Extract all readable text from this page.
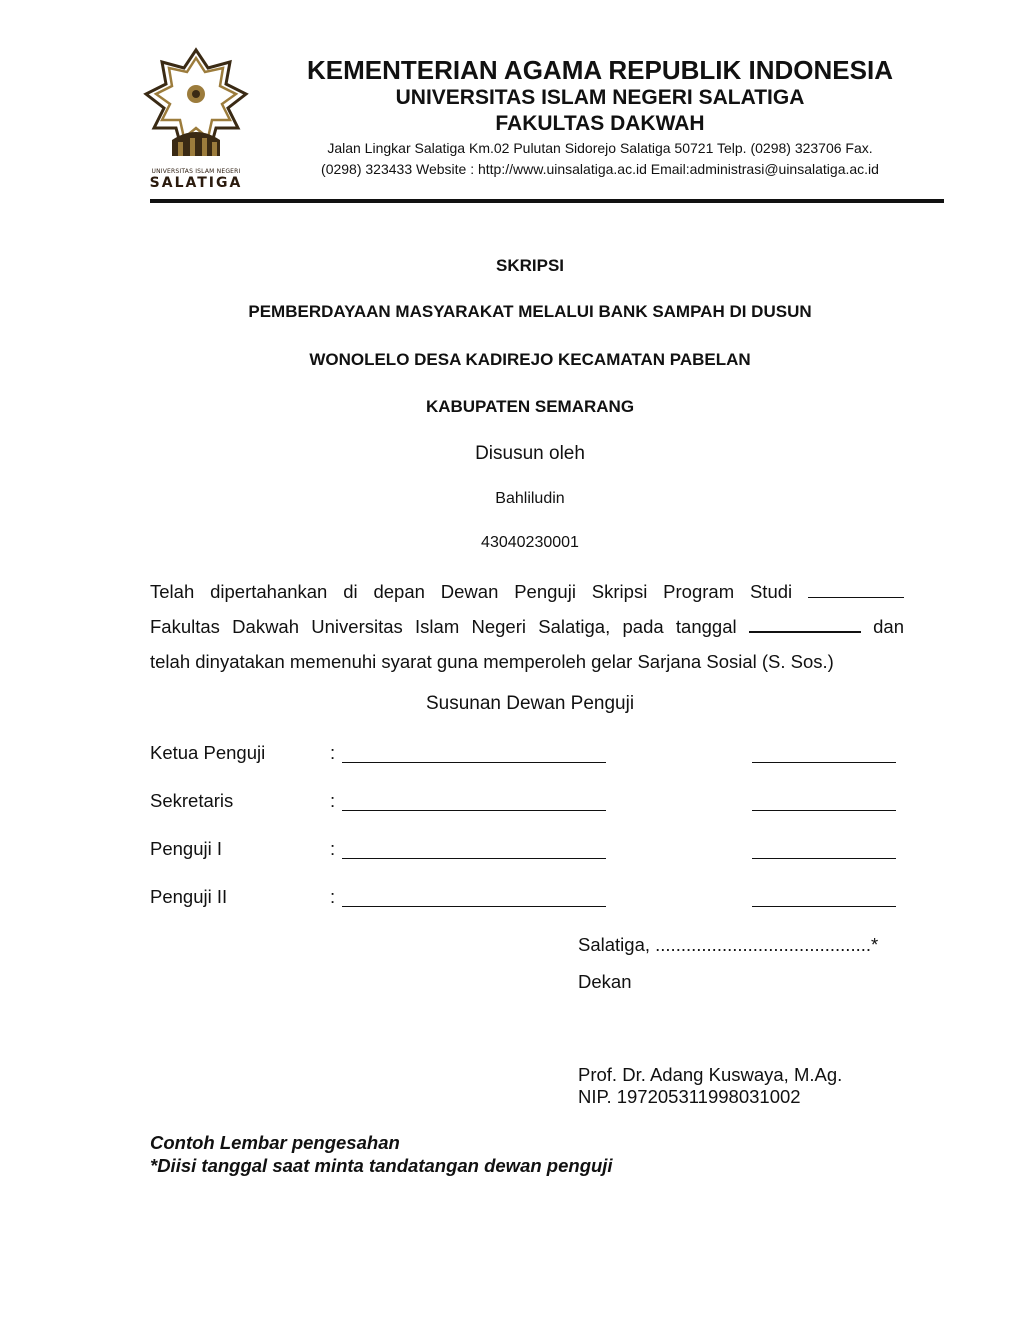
UNIVERSITAS ISLAM NEGERI
SALATIGA
KEMENTERIAN AGAMA REPUBLIK INDONESIA
UNIVERSITAS ISLAM NEGERI SALATIGA
FAKULTAS DAKWAH
Jalan Lingkar Salatiga Km.02 Pulutan Sidorejo Salatiga 50721 Telp. (0298) 323706 Fax.
(0298) 323433 Website : http://www.uinsalatiga.ac.id Email:administrasi@uinsalatiga.ac.id
SKRIPSI
PEMBERDAYAAN MASYARAKAT MELALUI BANK SAMPAH DI DUSUN
WONOLELO DESA KADIREJO KECAMATAN PABELAN
KABUPATEN SEMARANG
Disusun oleh
Bahliludin
43040230001
Telah dipertahankan di depan Dewan Penguji Skripsi Program Studi
Fakultas Dakwah Universitas Islam Negeri Salatiga, pada tanggal	dan
telah dinyatakan memenuhi syarat guna memperoleh gelar Sarjana Sosial (S. Sos.)
Susunan Dewan Penguji
Ketua Penguji	:
Sekretaris	:
Penguji I	:
Penguji II	:
Salatiga, ..........................................*
Dekan
Prof. Dr. Adang Kuswaya, M.Ag.
NIP. 197205311998031002
Contoh Lembar pengesahan
*Diisi tanggal saat minta tandatangan dewan penguji
